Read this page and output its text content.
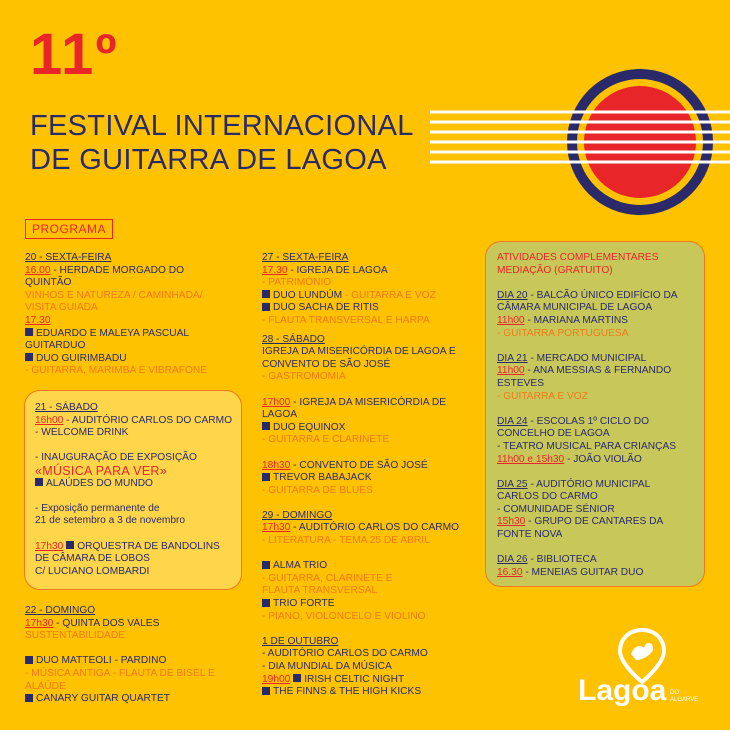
11º
FESTIVAL INTERNACIONAL
DE GUITARRA DE LAGOA
PROGRAMA
20 - SEXTA-FEIRA
16.00 - HERDADE MORGADO DO
QUINTÃO
VINHOS E NATUREZA / CAMINHADA/
VISITA GUIADA
17.30
EDUARDO E MALEYA PASCUAL
GUITARDUO
DUO GUIRIMBADU
- GUITARRA, MARIMBA E VIBRAFONE
21 - SÁBADO
16h00 - AUDITÓRIO CARLOS DO CARMO
- WELCOME DRINK
- INAUGURAÇÃO DE EXPOSIÇÃO
«MÚSICA PARA VER»
ALAÚDES DO MUNDO
- Exposição permanente de
21 de setembro a 3 de novembro
17h30 ORQUESTRA DE BANDOLINS
DE CÂMARA DE LOBOS
C/ LUCIANO LOMBARDI
22 - DOMINGO
17h30 - QUINTA DOS VALES
SUSTENTABILIDADE
DUO MATTEOLI - PARDINO
- MÚSICA ANTIGA - FLAUTA DE BISEL E
ALAÚDE
CANARY GUITAR QUARTET
27 - SEXTA-FEIRA
17.30 - IGREJA DE LAGOA
- PATRIMÓNIO
DUO LUNDÚM - GUITARRA E VOZ
DUO SACHA DE RITIS
- FLAUTA TRANSVERSAL E HARPA
28 - SÁBADO
IGREJA DA MISERICÓRDIA DE LAGOA E
CONVENTO DE SÃO JOSÉ
- GASTROMOMIA
17h00 - IGREJA DA MISERICÓRDIA DE
LAGOA
DUO EQUINOX
- GUITARRA E CLARINETE
18h30 - CONVENTO DE SÃO JOSÉ
TREVOR BABAJACK
- GUITARRA DE BLUES
29 - DOMINGO
17h30 - AUDITÓRIO CARLOS DO CARMO
- LITERATURA - TEMA 25 DE ABRIL
ALMA TRIO
- GUITARRA, CLARINETE E
FLAUTA TRANSVERSAL
TRIO FORTE
- PIANO, VIOLONCELO E VIOLINO
1 DE OUTUBRO
- AUDITÓRIO CARLOS DO CARMO
- DIA MUNDIAL DA MÚSICA
19h00 IRISH CELTIC NIGHT
THE FINNS & THE HIGH KICKS
ATIVIDADES COMPLEMENTARES
MEDIAÇÃO (GRATUITO)
DIA 20 - BALCÃO ÚNICO EDIFÍCIO DA
CÂMARA MUNICIPAL DE LAGOA
11h00 - MARIANA MARTINS
- GUITARRA PORTUGUESA
DIA 21 - MERCADO MUNICIPAL
11h00 - ANA MESSIAS & FERNANDO
ESTEVES
- GUITARRA E VOZ
DIA 24 - ESCOLAS 1º CICLO DO
CONCELHO DE LAGOA
- TEATRO MUSICAL PARA CRIANÇAS
11h00 e 15h30 - JOÃO VIOLÃO
DIA 25 - AUDITÓRIO MUNICIPAL
CARLOS DO CARMO
- COMUNIDADE SÉNIOR
15h30 - GRUPO DE CANTARES DA
FONTE NOVA
DIA 26 - BIBLIOTECA
16.30 - MENEIAS GUITAR DUO
Lagoa DO
ALGARVE
